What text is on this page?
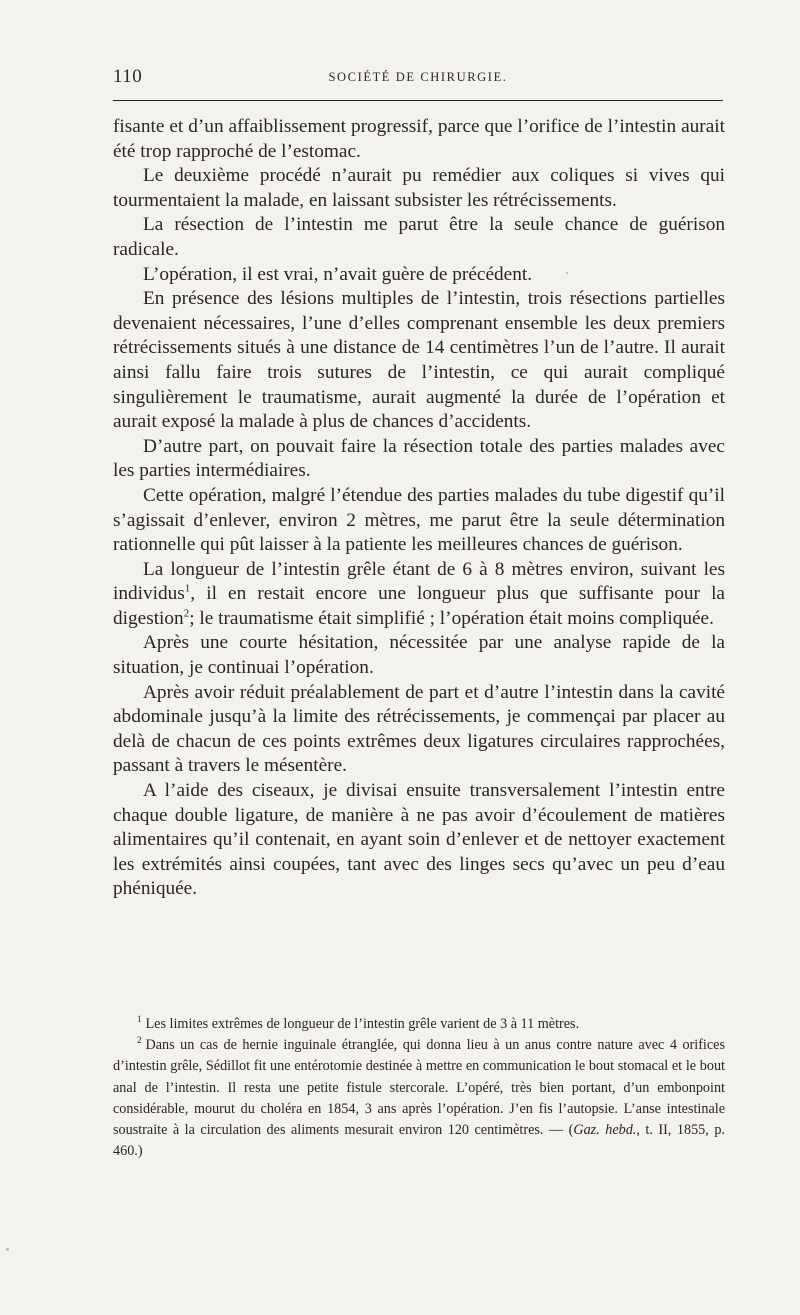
110	SOCIÉTÉ DE CHIRURGIE.

fisante et d’un affaiblissement progressif, parce que l’orifice de l’intestin aurait été trop rapproché de l’estomac.

Le deuxième procédé n’aurait pu remédier aux coliques si vives qui tourmentaient la malade, en laissant subsister les rétrécissements.

La résection de l’intestin me parut être la seule chance de guérison radicale.

L’opération, il est vrai, n’avait guère de précédent.

En présence des lésions multiples de l’intestin, trois résections partielles devenaient nécessaires, l’une d’elles comprenant ensemble les deux premiers rétrécissements situés à une distance de 14 centimètres l’un de l’autre. Il aurait ainsi fallu faire trois sutures de l’intestin, ce qui aurait compliqué singulièrement le traumatisme, aurait augmenté la durée de l’opération et aurait exposé la malade à plus de chances d’accidents.

D’autre part, on pouvait faire la résection totale des parties malades avec les parties intermédiaires.

Cette opération, malgré l’étendue des parties malades du tube digestif qu’il s’agissait d’enlever, environ 2 mètres, me parut être la seule détermination rationnelle qui pût laisser à la patiente les meilleures chances de guérison.

La longueur de l’intestin grêle étant de 6 à 8 mètres environ, suivant les individus$^1$, il en restait encore une longueur plus que suffisante pour la digestion$^2$; le traumatisme était simplifié ; l’opération était moins compliquée.

Après une courte hésitation, nécessitée par une analyse rapide de la situation, je continuai l’opération.

Après avoir réduit préalablement de part et d’autre l’intestin dans la cavité abdominale jusqu’à la limite des rétrécissements, je commençai par placer au delà de chacun de ces points extrêmes deux ligatures circulaires rapprochées, passant à travers le mésentère.

A l’aide des ciseaux, je divisai ensuite transversalement l’intestin entre chaque double ligature, de manière à ne pas avoir d’écoulement de matières alimentaires qu’il contenait, en ayant soin d’enlever et de nettoyer exactement les extrémités ainsi coupées, tant avec des linges secs qu’avec un peu d’eau phéniquée.

$^1$ Les limites extrêmes de longueur de l’intestin grêle varient de 3 à 11 mètres.

$^2$ Dans un cas de hernie inguinale étranglée, qui donna lieu à un anus contre nature avec 4 orifices d’intestin grêle, Sédillot fit une entérotomie destinée à mettre en communication le bout stomacal et le bout anal de l’intestin. Il resta une petite fistule stercorale. L’opéré, très bien portant, d’un embonpoint considérable, mourut du choléra en 1854, 3 ans après l’opération. J’en fis l’autopsie. L’anse intestinale soustraite à la circulation des aliments mesurait environ 120 centimètres. — (Gaz. hebd., t. II, 1855, p. 460.)
